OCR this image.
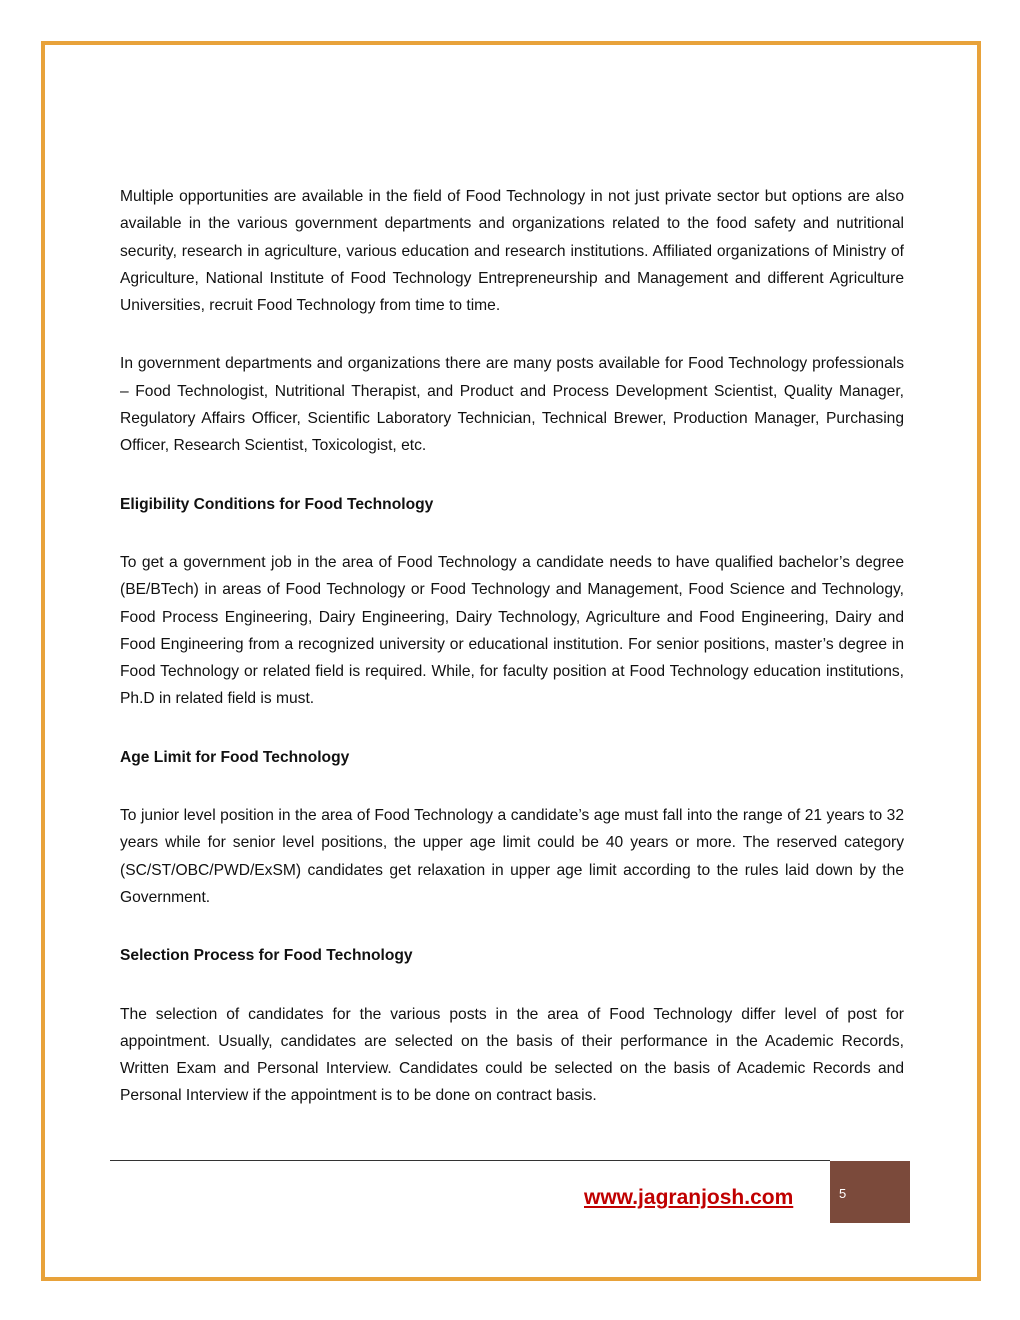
Multiple opportunities are available in the field of Food Technology in not just private sector but options are also available in the various government departments and organizations related to the food safety and nutritional security, research in agriculture, various education and research institutions. Affiliated organizations of Ministry of Agriculture, National Institute of Food Technology Entrepreneurship and Management and different Agriculture Universities, recruit Food Technology from time to time.

In government departments and organizations there are many posts available for Food Technology professionals – Food Technologist, Nutritional Therapist, and Product and Process Development Scientist, Quality Manager, Regulatory Affairs Officer, Scientific Laboratory Technician, Technical Brewer, Production Manager, Purchasing Officer, Research Scientist, Toxicologist, etc.

Eligibility Conditions for Food Technology

To get a government job in the area of Food Technology a candidate needs to have qualified bachelor’s degree (BE/BTech) in areas of Food Technology or Food Technology and Management, Food Science and Technology, Food Process Engineering, Dairy Engineering, Dairy Technology, Agriculture and Food Engineering, Dairy and Food Engineering from a recognized university or educational institution. For senior positions, master’s degree in Food Technology or related field is required. While, for faculty position at Food Technology education institutions, Ph.D in related field is must.

Age Limit for Food Technology

To junior level position in the area of Food Technology a candidate’s age must fall into the range of 21 years to 32 years while for senior level positions, the upper age limit could be 40 years or more. The reserved category (SC/ST/OBC/PWD/ExSM) candidates get relaxation in upper age limit according to the rules laid down by the Government.

Selection Process for Food Technology

The selection of candidates for the various posts in the area of Food Technology differ level of post for appointment. Usually, candidates are selected on the basis of their performance in the Academic Records, Written Exam and Personal Interview. Candidates could be selected on the basis of Academic Records and Personal Interview if the appointment is to be done on contract basis.

www.jagranjosh.com	5
